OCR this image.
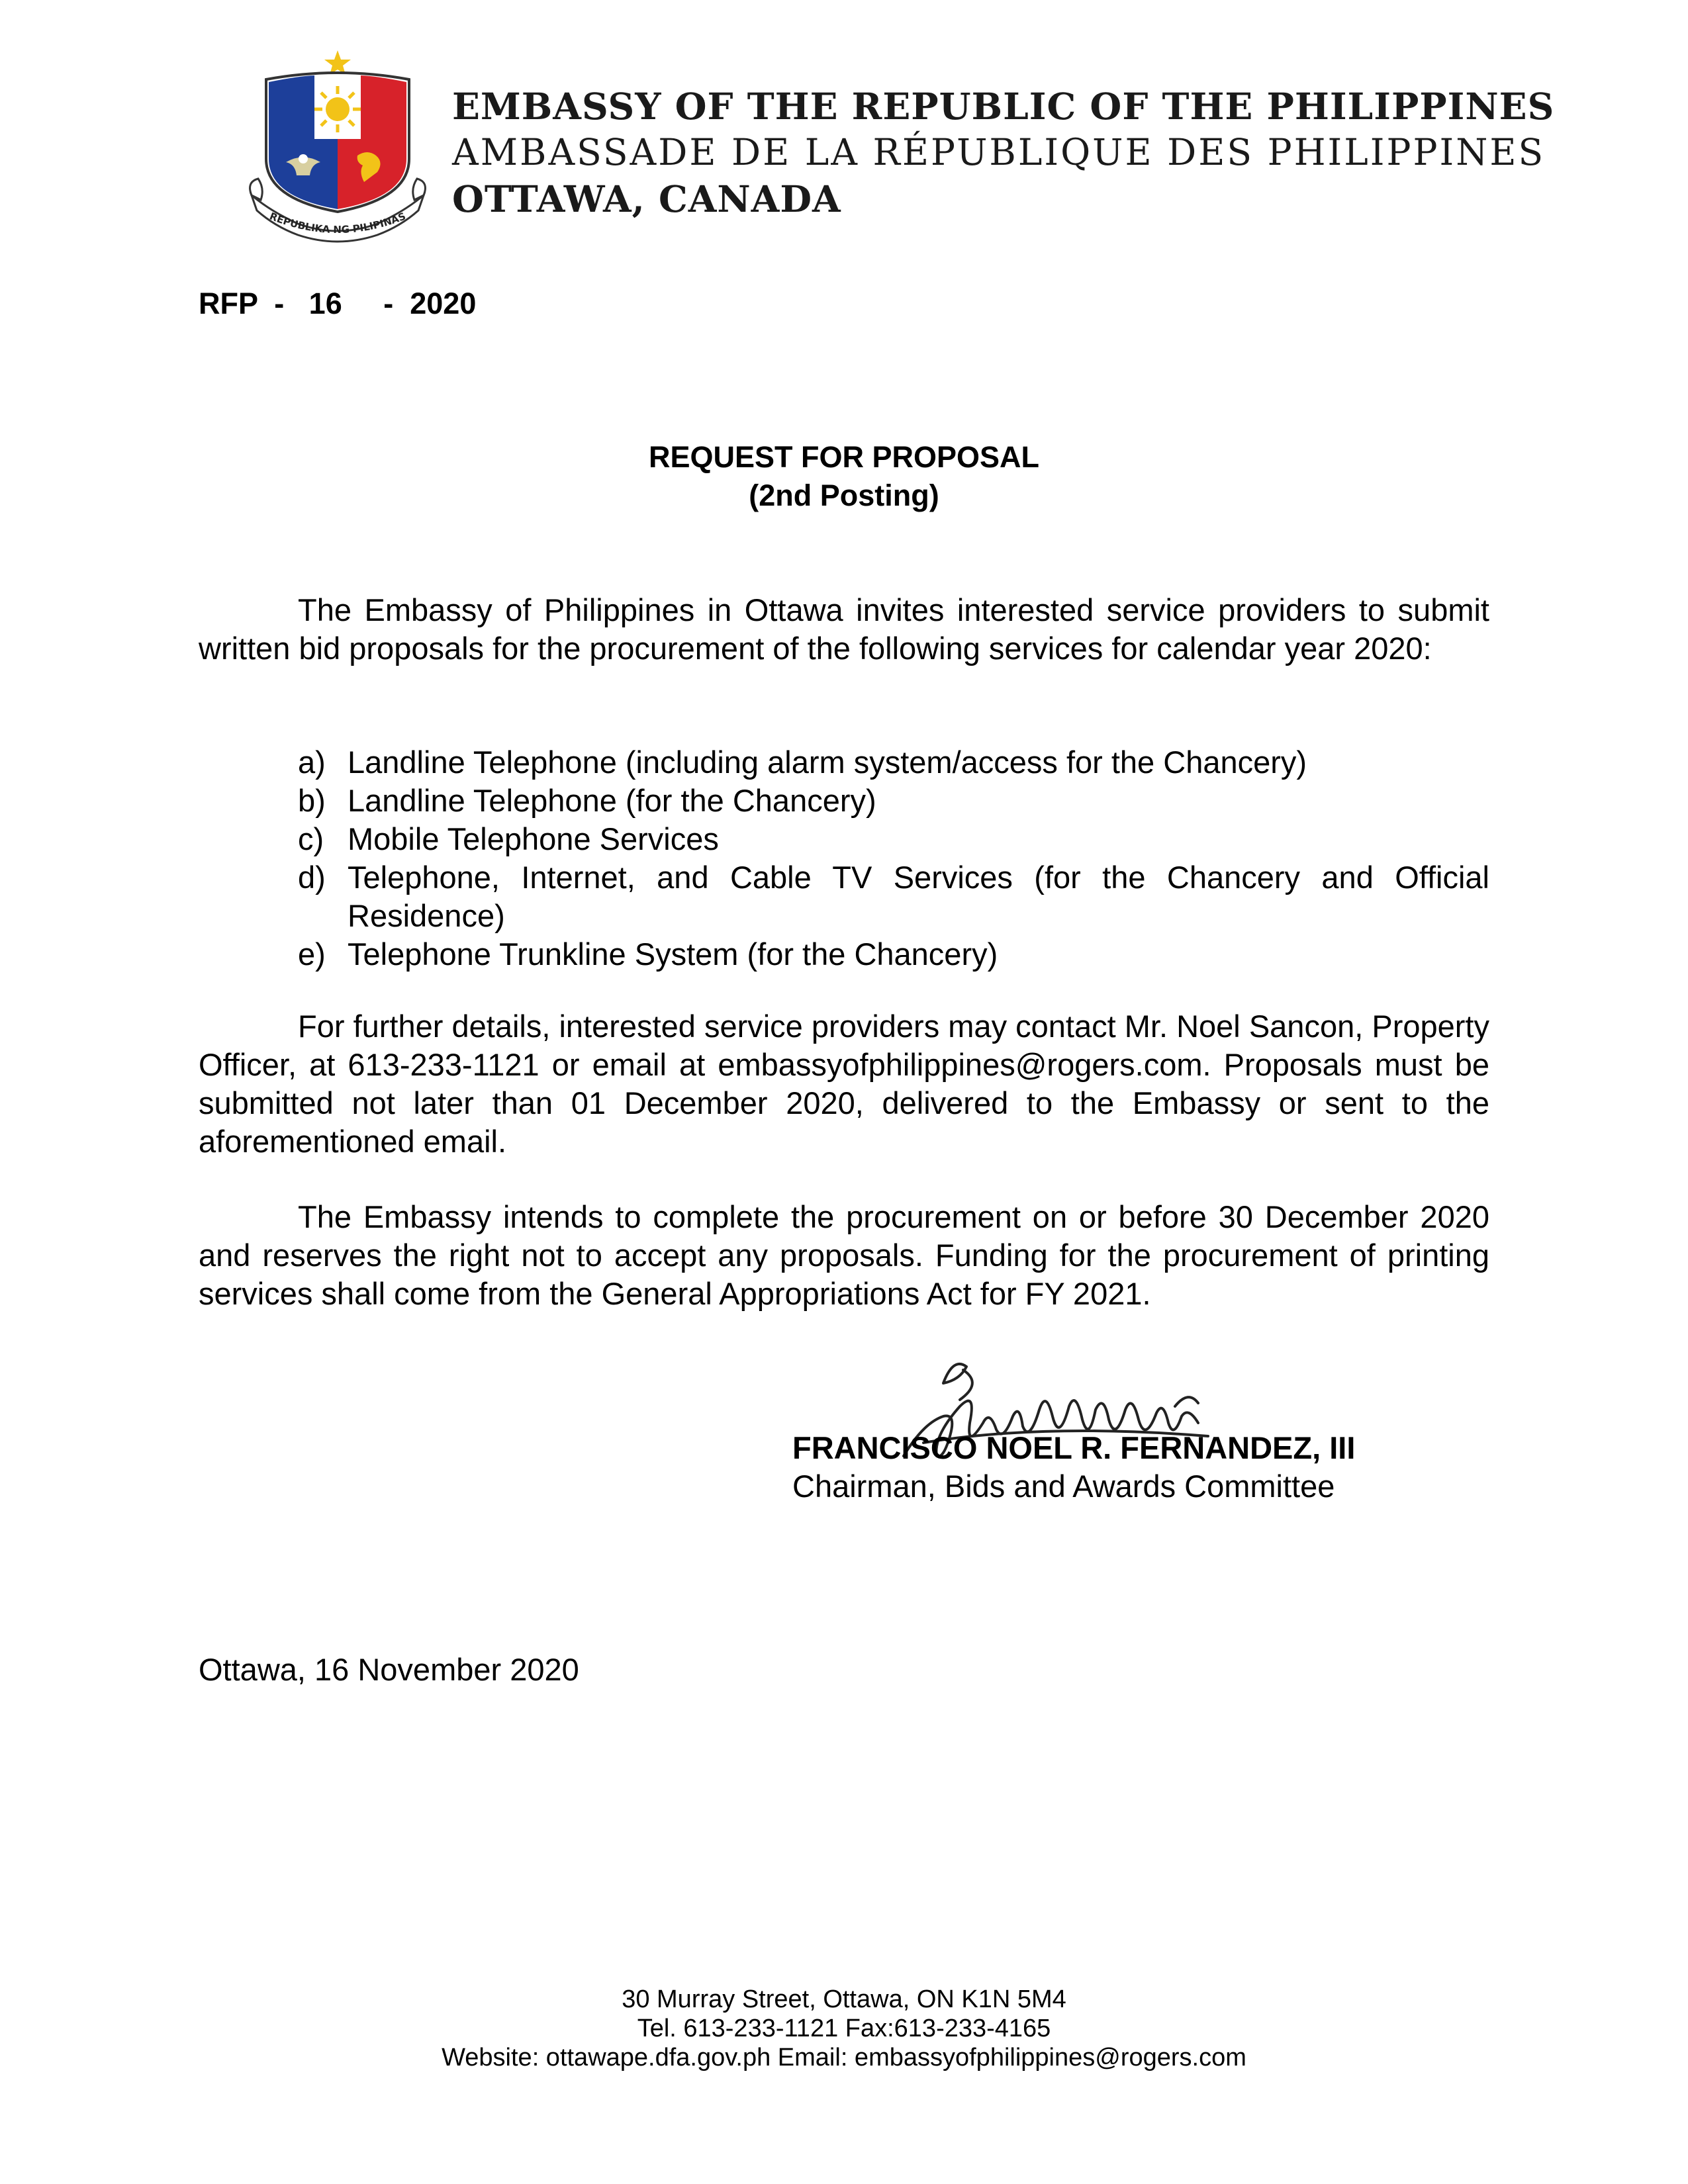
REPUBLIKA NG PILIPINAS
EMBASSY OF THE REPUBLIC OF THE PHILIPPINES
AMBASSADE DE LA RÉPUBLIQUE DES PHILIPPINES
OTTAWA, CANADA
RFP  -   16     -  2020
REQUEST FOR PROPOSAL
(2nd Posting)
The Embassy of Philippines in Ottawa invites interested service providers to submit written bid proposals for the procurement of the following services for calendar year 2020:
a) Landline Telephone (including alarm system/access for the Chancery)
b) Landline Telephone (for the Chancery)
c) Mobile Telephone Services
d) Telephone, Internet, and Cable TV Services (for the Chancery and Official Residence)
e) Telephone Trunkline System (for the Chancery)
For further details, interested service providers may contact Mr. Noel Sancon, Property Officer, at 613-233-1121 or email at embassyofphilippines@rogers.com. Proposals must be submitted not later than 01 December 2020, delivered to the Embassy or sent to the aforementioned email.
The Embassy intends to complete the procurement on or before 30 December 2020 and reserves the right not to accept any proposals. Funding for the procurement of printing services shall come from the General Appropriations Act for FY 2021.
FRANCISCO NOEL R. FERNANDEZ, III
Chairman, Bids and Awards Committee
Ottawa, 16 November 2020
30 Murray Street, Ottawa, ON K1N 5M4
Tel. 613-233-1121 Fax:613-233-4165
Website: ottawape.dfa.gov.ph Email: embassyofphilippines@rogers.com
